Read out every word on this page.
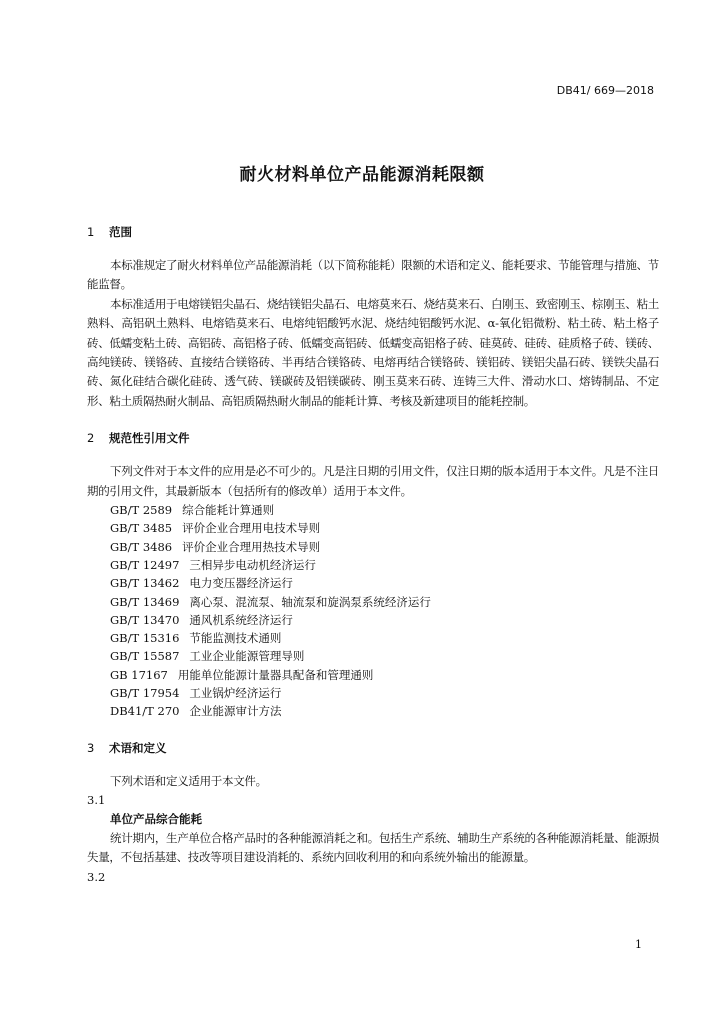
DB41/ 669—2018
耐火材料单位产品能源消耗限额
1 范围

本标准规定了耐火材料单位产品能源消耗（以下简称能耗）限额的术语和定义、能耗要求、节能管理与措施、节能监督。

本标准适用于电熔镁铝尖晶石、烧结镁铝尖晶石、电熔莫来石、烧结莫来石、白刚玉、致密刚玉、棕刚玉、粘土熟料、高铝矾土熟料、电熔锆莫来石、电熔纯铝酸钙水泥、烧结纯铝酸钙水泥、α-氧化铝微粉、粘土砖、粘土格子砖、低蠕变粘土砖、高铝砖、高铝格子砖、低蠕变高铝砖、低蠕变高铝格子砖、硅莫砖、硅砖、硅质格子砖、镁砖、高纯镁砖、镁铬砖、直接结合镁铬砖、半再结合镁铬砖、电熔再结合镁铬砖、镁铝砖、镁铝尖晶石砖、镁铁尖晶石砖、氮化硅结合碳化硅砖、透气砖、镁碳砖及铝镁碳砖、刚玉莫来石砖、连铸三大件、滑动水口、熔铸制品、不定形、粘土质隔热耐火制品、高铝质隔热耐火制品的能耗计算、考核及新建项目的能耗控制。

2 规范性引用文件

下列文件对于本文件的应用是必不可少的。凡是注日期的引用文件，仅注日期的版本适用于本文件。凡是不注日期的引用文件，其最新版本（包括所有的修改单）适用于本文件。

GB/T 2589 综合能耗计算通则
GB/T 3485 评价企业合理用电技术导则
GB/T 3486 评价企业合理用热技术导则
GB/T 12497 三相异步电动机经济运行
GB/T 13462 电力变压器经济运行
GB/T 13469 离心泵、混流泵、轴流泵和旋涡泵系统经济运行
GB/T 13470 通风机系统经济运行
GB/T 15316 节能监测技术通则
GB/T 15587 工业企业能源管理导则
GB 17167 用能单位能源计量器具配备和管理通则
GB/T 17954 工业锅炉经济运行
DB41/T 270 企业能源审计方法
3 术语和定义

下列术语和定义适用于本文件。

3.1

单位产品综合能耗

统计期内，生产单位合格产品时的各种能源消耗之和。包括生产系统、辅助生产系统的各种能源消耗量、能源损失量，不包括基建、技改等项目建设消耗的、系统内回收利用的和向系统外输出的能源量。

3.2

1
